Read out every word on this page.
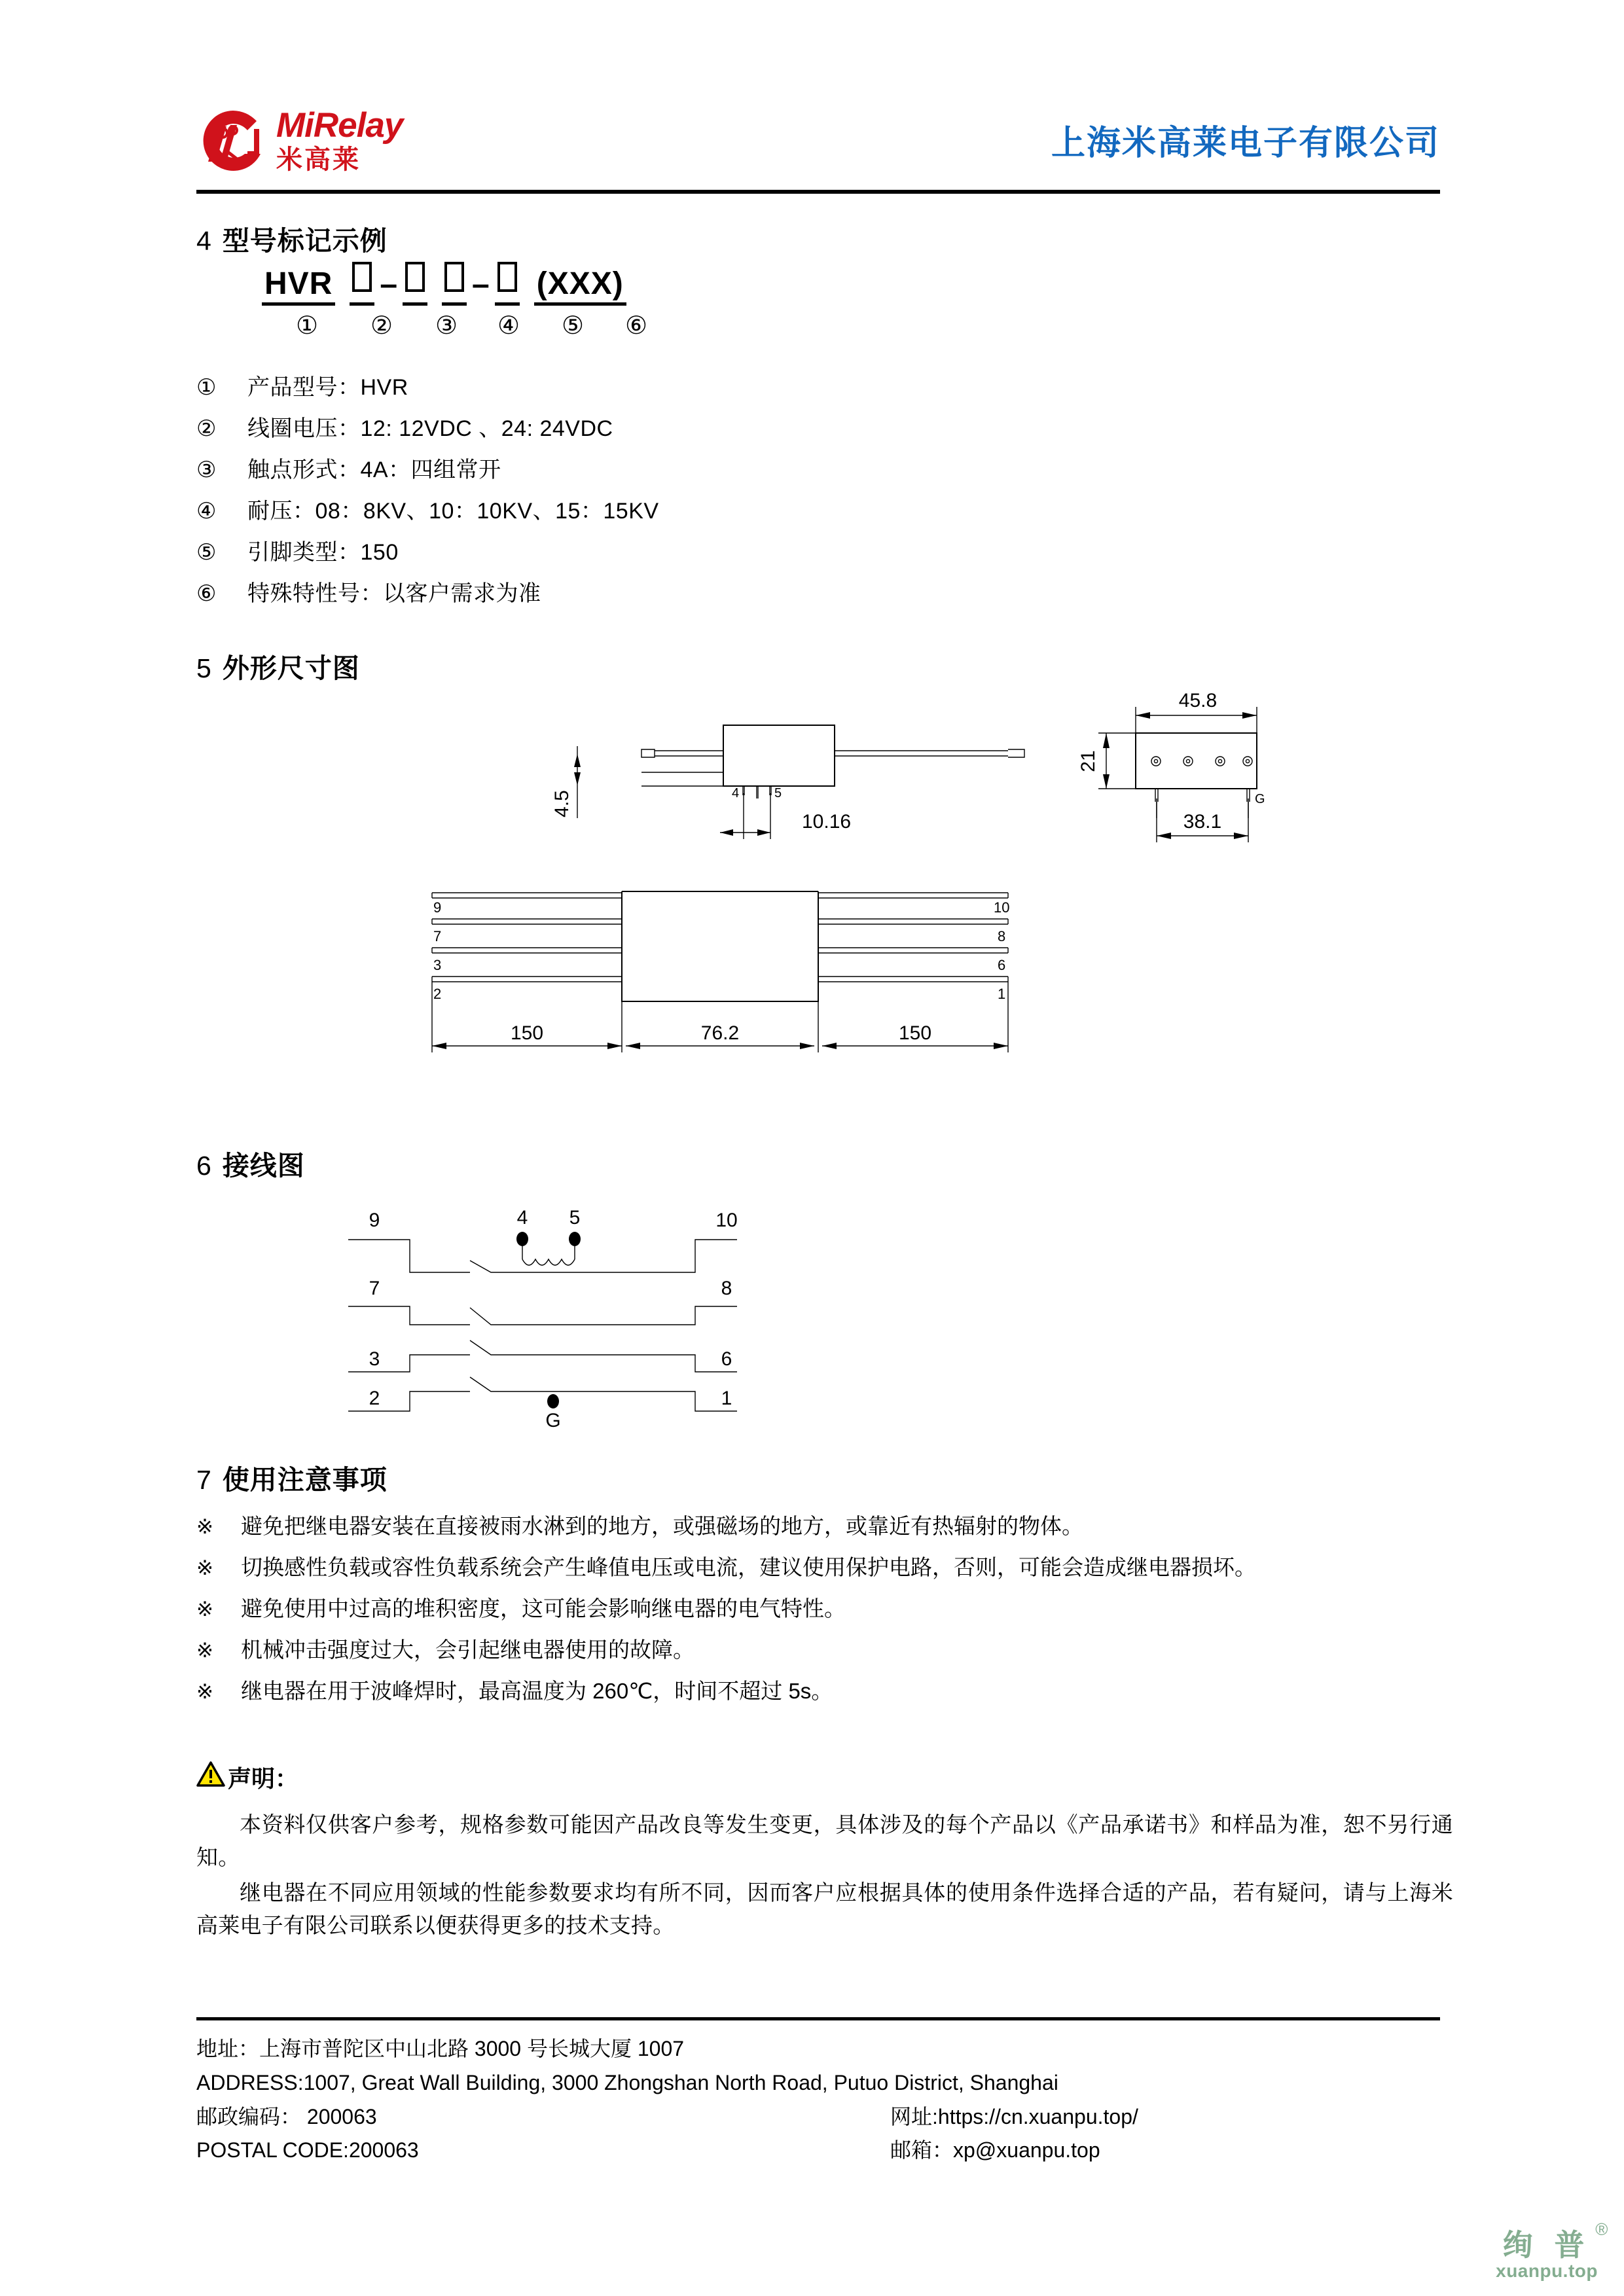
MiRelay
米高莱	上海米高莱电子有限公司
4 型号标记示例
HVR – – (XXX)
①	②	③	④	⑤	⑥
①	产品型号：HVR
②	线圈电压：12: 12VDC 、24: 24VDC
③	触点形式：4A：四组常开
④	耐压：08：8KV、10：10KV、15：15KV
⑤	引脚类型：150
⑥	特殊特性号：以客户需求为准
5 外形尺寸图
4	5
10.16
4.5
45.8
21
G
38.1
9
7
3
2
10
8
6
1
150	76.2	150
6 接线图
4 5
9	10
7	8
3	6
2	1
G
7 使用注意事项
※	避免把继电器安装在直接被雨水淋到的地方，或强磁场的地方，或靠近有热辐射的物体。
※	切换感性负载或容性负载系统会产生峰值电压或电流，建议使用保护电路，否则，可能会造成继电器损坏。
※	避免使用中过高的堆积密度，这可能会影响继电器的电气特性。
※	机械冲击强度过大，会引起继电器使用的故障。
※	继电器在用于波峰焊时，最高温度为 260℃，时间不超过 5s。
声明：

本资料仅供客户参考，规格参数可能因产品改良等发生变更，具体涉及的每个产品以《产品承诺书》和样品为准，恕不另行通知。

继电器在不同应用领域的性能参数要求均有所不同，因而客户应根据具体的使用条件选择合适的产品，若有疑问，请与上海米高莱电子有限公司联系以便获得更多的技术支持。

地址：上海市普陀区中山北路 3000 号长城大厦 1007
ADDRESS:1007, Great Wall Building, 3000 Zhongshan North Road, Putuo District, Shanghai
邮政编码： 200063
POSTAL CODE:200063
网址:https://cn.xuanpu.top/
邮箱：xp@xuanpu.top
绚 普 ®
xuanpu.top
